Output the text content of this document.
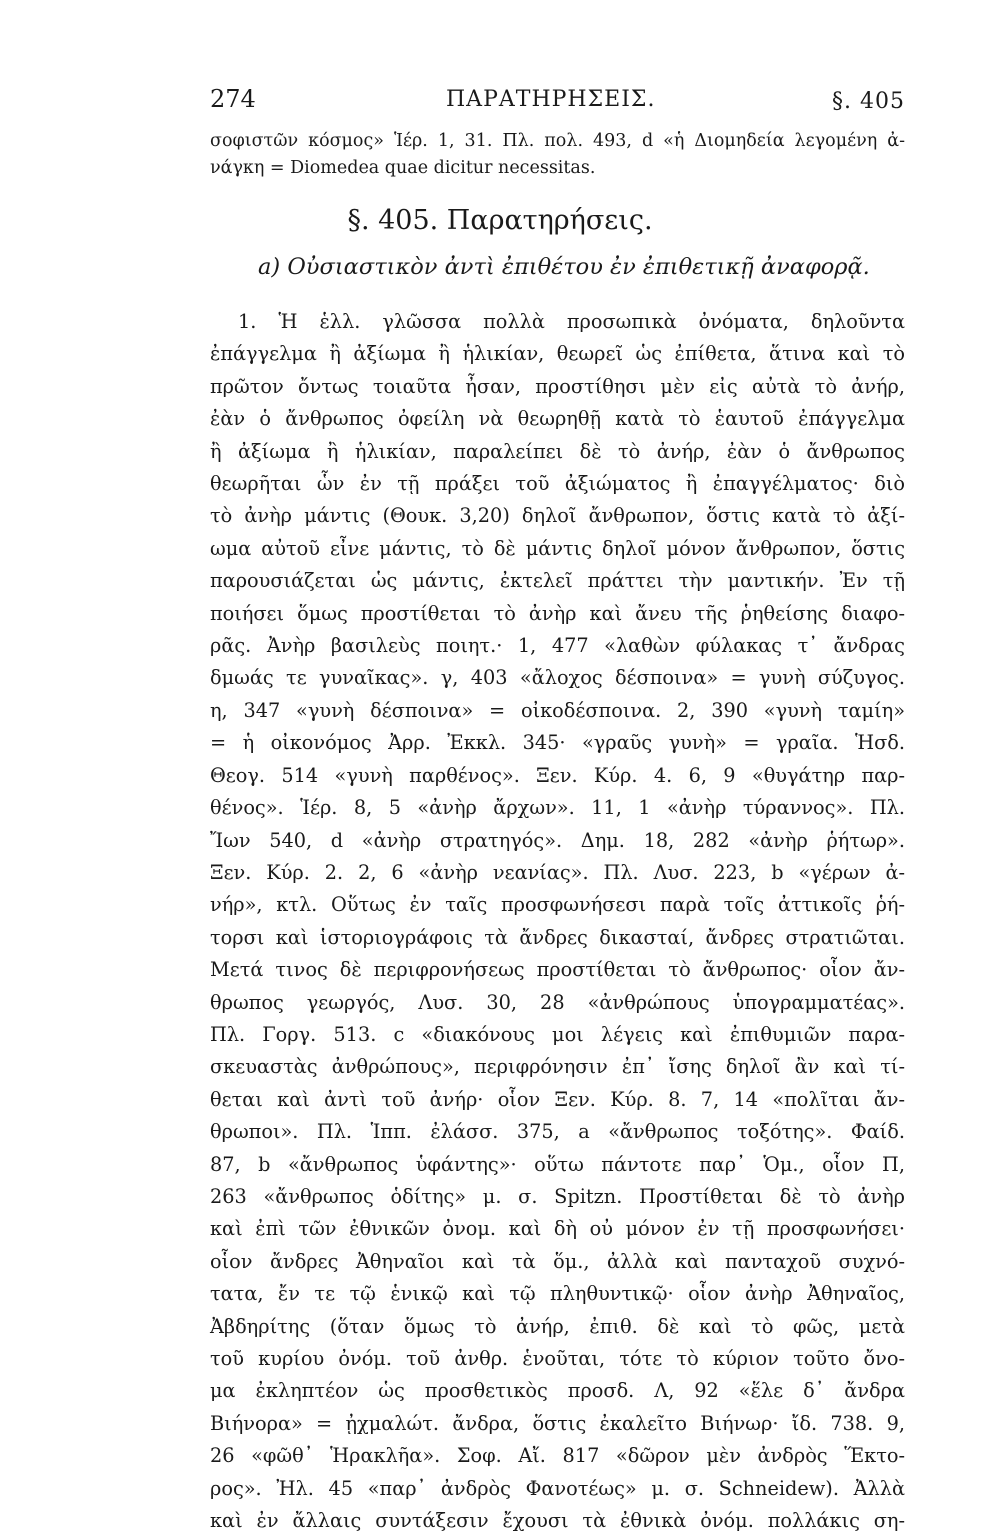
274	ΠΑΡΑΤΗΡΗΣΕΙΣ.	§. 405
σοφιστῶν κόσμος» Ἱέρ. 1, 31. Πλ. πολ. 493, d «ἡ Διομηδεία λεγομένη ἀ-
νάγκη = Diomedea quae dicitur necessitas.
§. 405. Παρατηρήσεις.
a) Οὐσιαστικὸν ἀντὶ ἐπιθέτου ἐν ἐπιθετικῇ ἀναφορᾷ.
1. Ἡ ἑλλ. γλῶσσα πολλὰ προσωπικὰ ὀνόματα, δηλοῦντα
ἐπάγγελμα ἢ ἀξίωμα ἢ ἡλικίαν, θεωρεῖ ὡς ἐπίθετα, ἅτινα καὶ τὸ
πρῶτον ὄντως τοιαῦτα ἦσαν, προστίθησι μὲν εἰς αὐτὰ τὸ ἀνήρ,
ἐὰν ὁ ἄνθρωπος ὀφείλη νὰ θεωρηθῇ κατὰ τὸ ἑαυτοῦ ἐπάγγελμα
ἢ ἀξίωμα ἢ ἡλικίαν, παραλείπει δὲ τὸ ἀνήρ, ἐὰν ὁ ἄνθρωπος
θεωρῆται ὧν ἐν τῇ πράξει τοῦ ἀξιώματος ἢ ἐπαγγέλματος· διὸ
τὸ ἀνὴρ μάντις (Θουκ. 3,20) δηλοῖ ἄνθρωπον, ὅστις κατὰ τὸ ἀξί-
ωμα αὐτοῦ εἶνε μάντις, τὸ δὲ μάντις δηλοῖ μόνον ἄνθρωπον, ὅστις
παρουσιάζεται ὡς μάντις, ἐκτελεῖ πράττει τὴν μαντικήν. Ἐν τῇ
ποιήσει ὅμως προστίθεται τὸ ἀνὴρ καὶ ἄνευ τῆς ῥηθείσης διαφο-
ρᾶς. Ἀνὴρ βασιλεὺς ποιητ.· 1, 477 «λαθὼν φύλακας τ᾽ ἄνδρας
δμωάς τε γυναῖκας». γ, 403 «ἄλοχος δέσποινα» = γυνὴ σύζυγος.
η, 347 «γυνὴ δέσποινα» = οἰκοδέσποινα. 2, 390 «γυνὴ ταμίη»
= ἡ οἰκονόμος Ἀρρ. Ἐκκλ. 345· «γραῦς γυνὴ» = γραῖα. Ἡσδ.
Θεογ. 514 «γυνὴ παρθένος». Ξεν. Κύρ. 4. 6, 9 «θυγάτηρ παρ-
θένος». Ἱέρ. 8, 5 «ἀνὴρ ἄρχων». 11, 1 «ἀνὴρ τύραννος». Πλ.
Ἴων 540, d «ἀνὴρ στρατηγός». Δημ. 18, 282 «ἀνὴρ ῥήτωρ».
Ξεν. Κύρ. 2. 2, 6 «ἀνὴρ νεανίας». Πλ. Λυσ. 223, b «γέρων ἀ-
νήρ», κτλ. Οὕτως ἐν ταῖς προσφωνήσεσι παρὰ τοῖς ἀττικοῖς ῥή-
τορσι καὶ ἱστοριογράφοις τὰ ἄνδρες δικασταί, ἄνδρες στρατιῶται.
Μετά τινος δὲ περιφρονήσεως προστίθεται τὸ ἄνθρωπος· οἷον ἄν-
θρωπος γεωργός, Λυσ. 30, 28 «ἀνθρώπους ὑπογραμματέας».
Πλ. Γοργ. 513. c «διακόνους μοι λέγεις καὶ ἐπιθυμιῶν παρα-
σκευαστὰς ἀνθρώπους», περιφρόνησιν ἐπ᾽ ἴσης δηλοῖ ἂν καὶ τί-
θεται καὶ ἀντὶ τοῦ ἀνήρ· οἷον Ξεν. Κύρ. 8. 7, 14 «πολῖται ἄν-
θρωποι». Πλ. Ἱππ. ἐλάσσ. 375, a «ἄνθρωπος τοξότης». Φαίδ.
87, b «ἄνθρωπος ὑφάντης»· οὕτω πάντοτε παρ᾽ Ὁμ., οἷον Π,
263 «ἄνθρωπος ὁδίτης» μ. σ. Spitzn. Προστίθεται δὲ τὸ ἀνὴρ
καὶ ἐπὶ τῶν ἐθνικῶν ὀνομ. καὶ δὴ οὐ μόνον ἐν τῇ προσφωνήσει·
οἷον ἄνδρες Ἀθηναῖοι καὶ τὰ ὅμ., ἀλλὰ καὶ πανταχοῦ συχνό-
τατα, ἔν τε τῷ ἑνικῷ καὶ τῷ πληθυντικῷ· οἷον ἀνὴρ Ἀθηναῖος,
Ἀβδηρίτης (ὅταν ὅμως τὸ ἀνήρ, ἐπιθ. δὲ καὶ τὸ φῶς, μετὰ
τοῦ κυρίου ὀνόμ. τοῦ ἀνθρ. ἑνοῦται, τότε τὸ κύριον τοῦτο ὄνο-
μα ἐκληπτέον ὡς προσθετικὸς προσδ. Λ, 92 «ἕλε δ᾽ ἄνδρα
Βιήνορα» = ᾐχμαλώτ. ἄνδρα, ὅστις ἐκαλεῖτο Βιήνωρ· ἴδ. 738. 9,
26 «φῶθ᾽ Ἡρακλῆα». Σοφ. Αἴ. 817 «δῶρον μὲν ἀνδρὸς Ἕκτο-
ρος». Ἠλ. 45 «παρ᾽ ἀνδρὸς Φανοτέως» μ. σ. Schneidew). Ἀλλὰ
καὶ ἐν ἄλλαις συντάξεσιν ἔχουσι τὰ ἐθνικὰ ὀνόμ. πολλάκις ση-
